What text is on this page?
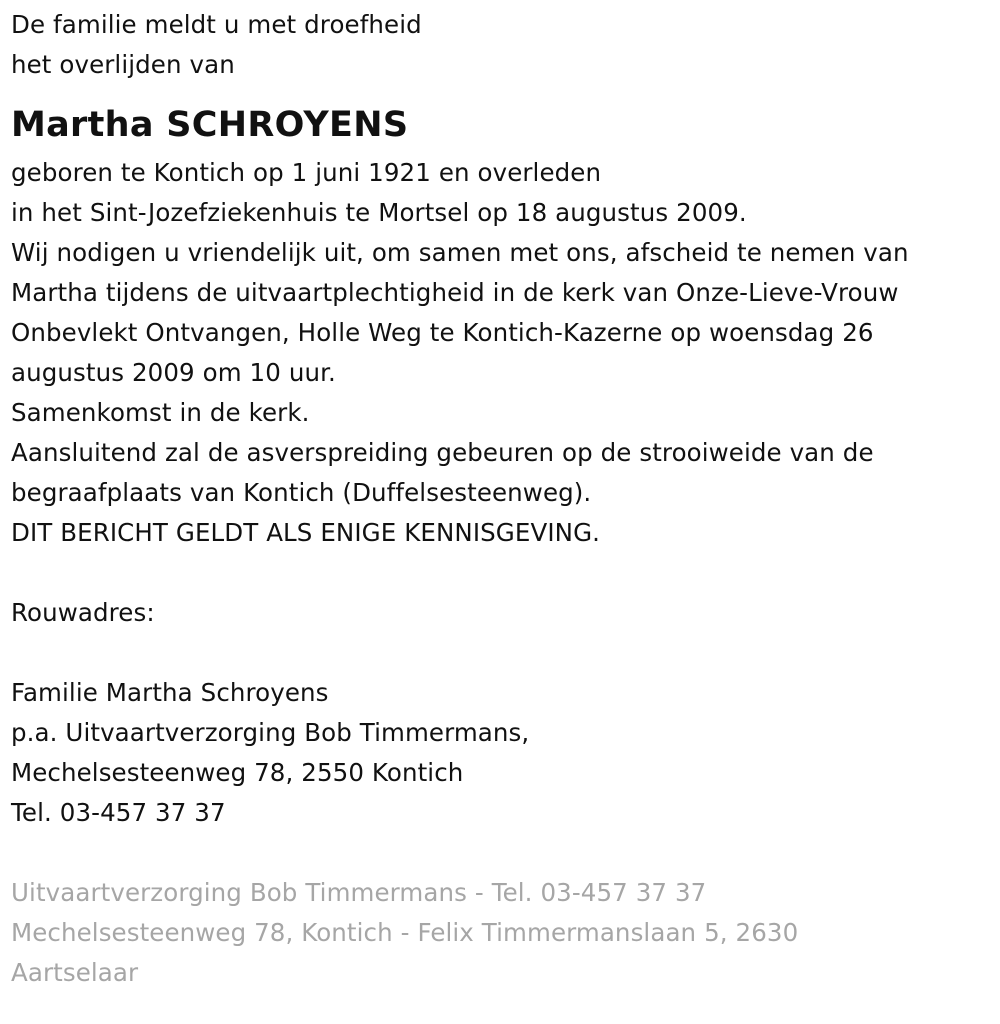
De familie meldt u met droefheid
het overlijden van
Martha SCHROYENS
geboren te Kontich op 1 juni 1921 en overleden
in het Sint-Jozefziekenhuis te Mortsel op 18 augustus 2009.
Wij nodigen u vriendelijk uit, om samen met ons, afscheid te nemen van
Martha tijdens de uitvaartplechtigheid in de kerk van Onze-Lieve-Vrouw
Onbevlekt Ontvangen, Holle Weg te Kontich-Kazerne op woensdag 26
augustus 2009 om 10 uur.
Samenkomst in de kerk.
Aansluitend zal de asverspreiding gebeuren op de strooiweide van de
begraafplaats van Kontich (Duffelsesteenweg).
DIT BERICHT GELDT ALS ENIGE KENNISGEVING.
Rouwadres:
Familie Martha Schroyens
p.a. Uitvaartverzorging Bob Timmermans,
Mechelsesteenweg 78, 2550 Kontich
Tel. 03-457 37 37
Uitvaartverzorging Bob Timmermans - Tel. 03-457 37 37
Mechelsesteenweg 78, Kontich - Felix Timmermanslaan 5, 2630
Aartselaar
